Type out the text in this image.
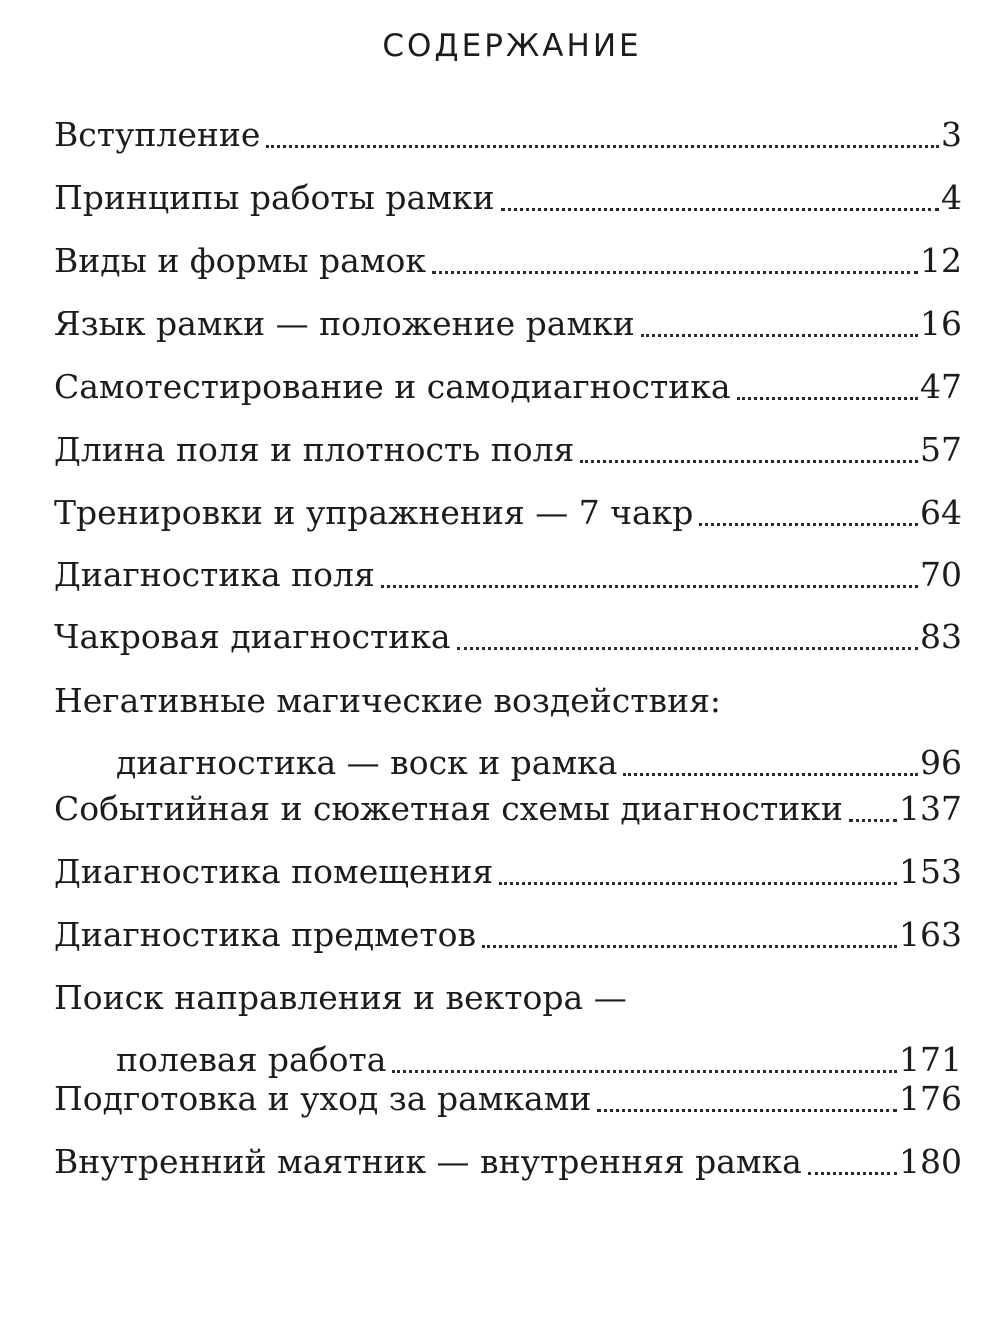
СОДЕРЖАНИЕ
Вступление	3
Принципы работы рамки	4
Виды и формы рамок	12
Язык рамки — положение рамки	16
Самотестирование и самодиагностика	47
Длина поля и плотность поля	57
Тренировки и упражнения — 7 чакр	64
Диагностика поля	70
Чакровая диагностика	83
Негативные магические воздействия:
диагностика — воск и рамка	96
Событийная и сюжетная схемы диагностики 137
Диагностика помещения	153
Диагностика предметов	163
Поиск направления и вектора —
полевая работа	171
Подготовка и уход за рамками	176
Внутренний маятник — внутренняя рамка	180
